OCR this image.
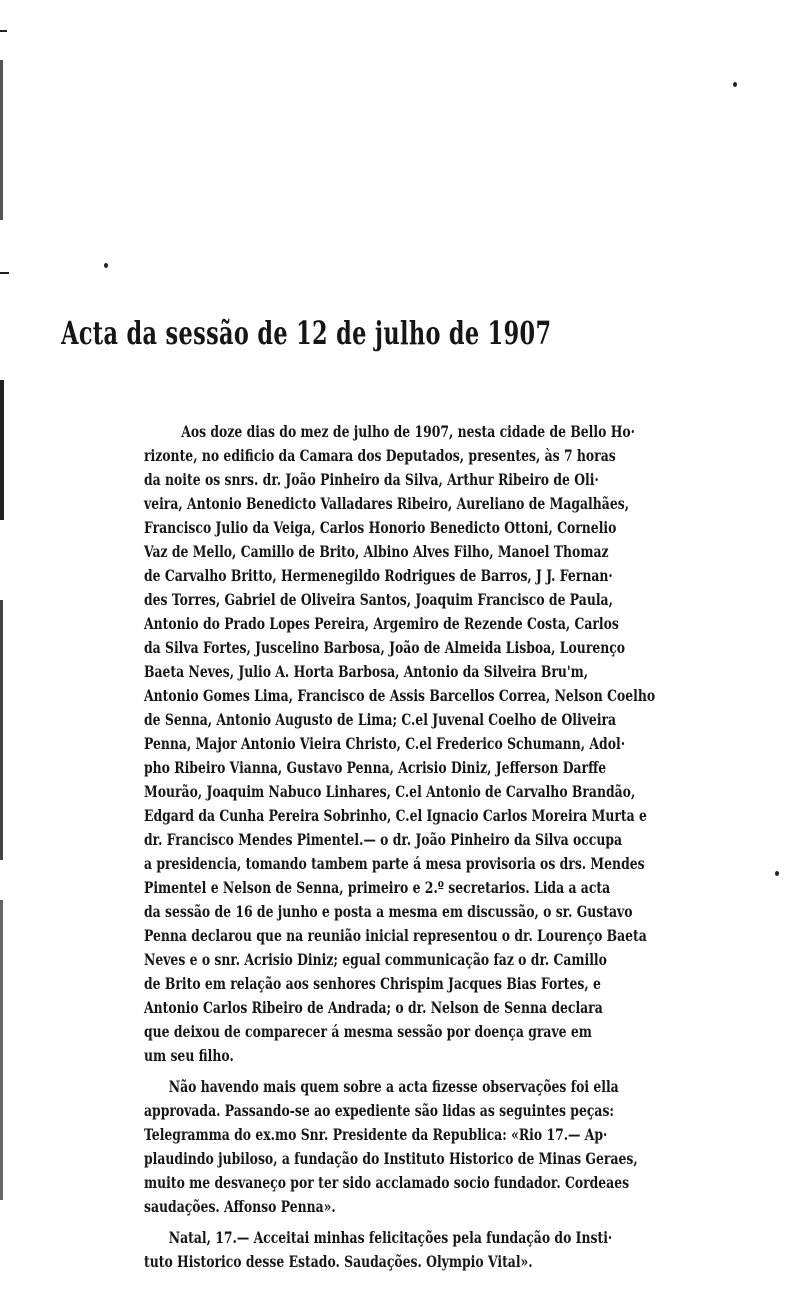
Acta da sessão de 12 de julho de 1907
Aos doze dias do mez de julho de 1907, nesta cidade de Bello Ho·
rizonte, no edificio da Camara dos Deputados, presentes, às 7 horas
da noite os snrs. dr. João Pinheiro da Silva, Arthur Ribeiro de Oli·
veira, Antonio Benedicto Valladares Ribeiro, Aureliano de Magalhães,
Francisco Julio da Veiga, Carlos Honorio Benedicto Ottoni, Cornelio
Vaz de Mello, Camillo de Brito, Albino Alves Filho, Manoel Thomaz
de Carvalho Britto, Hermenegildo Rodrigues de Barros, J J. Fernan·
des Torres, Gabriel de Oliveira Santos, Joaquim Francisco de Paula,
Antonio do Prado Lopes Pereira, Argemiro de Rezende Costa, Carlos
da Silva Fortes, Juscelino Barbosa, João de Almeida Lisboa, Lourenço
Baeta Neves, Julio A. Horta Barbosa, Antonio da Silveira Bru'm,
Antonio Gomes Lima, Francisco de Assis Barcellos Correa, Nelson Coelho
de Senna, Antonio Augusto de Lima; C.el Juvenal Coelho de Oliveira
Penna, Major Antonio Vieira Christo, C.el Frederico Schumann, Adol·
pho Ribeiro Vianna, Gustavo Penna, Acrisio Diniz, Jefferson Darffe
Mourão, Joaquim Nabuco Linhares, C.el Antonio de Carvalho Brandão,
Edgard da Cunha Pereira Sobrinho, C.el Ignacio Carlos Moreira Murta e
dr. Francisco Mendes Pimentel.— o dr. João Pinheiro da Silva occupa
a presidencia, tomando tambem parte á mesa provisoria os drs. Mendes
Pimentel e Nelson de Senna, primeiro e 2.º secretarios. Lida a acta
da sessão de 16 de junho e posta a mesma em discussão, o sr. Gustavo
Penna declarou que na reunião inicial representou o dr. Lourenço Baeta
Neves e o snr. Acrisio Diniz; egual communicação faz o dr. Camillo
de Brito em relação aos senhores Chrispim Jacques Bias Fortes, e
Antonio Carlos Ribeiro de Andrada; o dr. Nelson de Senna declara
que deixou de comparecer á mesma sessão por doença grave em
um seu filho.
Não havendo mais quem sobre a acta fizesse observações foi ella
approvada. Passando-se ao expediente são lidas as seguintes peças:
Telegramma do ex.mo Snr. Presidente da Republica: «Rio 17.— Ap·
plaudindo jubiloso, a fundação do Instituto Historico de Minas Geraes,
muito me desvaneço por ter sido acclamado socio fundador. Cordeaes
saudações. Affonso Penna».
Natal, 17.— Acceitai minhas felicitações pela fundação do Insti·
tuto Historico desse Estado. Saudações. Olympio Vital».
